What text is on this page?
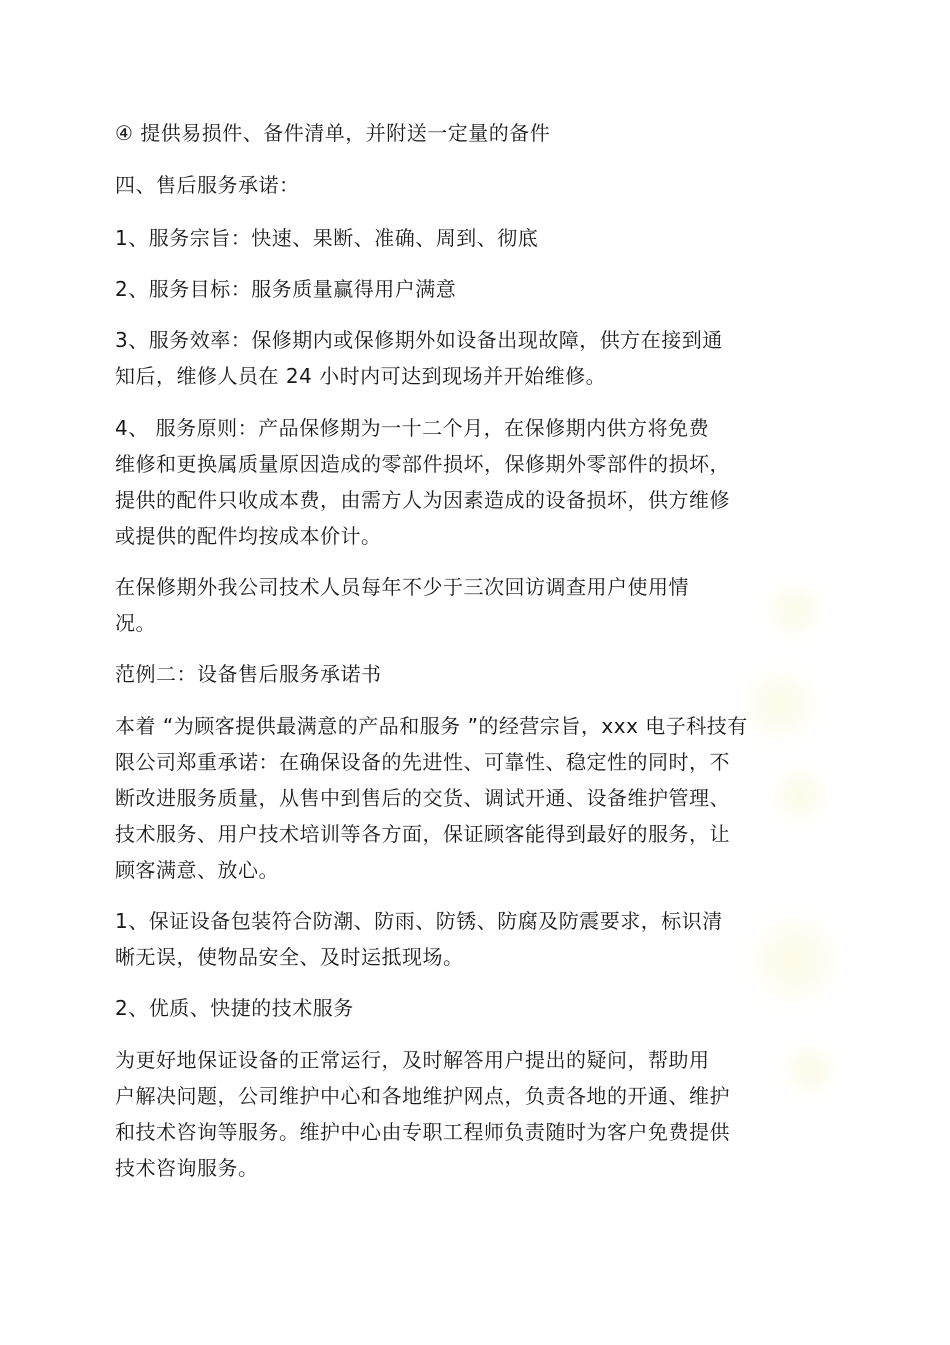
④ 提供易损件、备件清单，并附送一定量的备件
四、售后服务承诺：
1、服务宗旨：快速、果断、准确、周到、彻底
2、服务目标：服务质量赢得用户满意
3、服务效率：保修期内或保修期外如设备出现故障，供方在接到通
知后，维修人员在 24 小时内可达到现场并开始维修。
4、 服务原则：产品保修期为一十二个月，在保修期内供方将免费
维修和更换属质量原因造成的零部件损坏，保修期外零部件的损坏，
提供的配件只收成本费，由需方人为因素造成的设备损坏，供方维修
或提供的配件均按成本价计。
在保修期外我公司技术人员每年不少于三次回访调查用户使用情
况。
范例二：设备售后服务承诺书
本着 “为顾客提供最满意的产品和服务 ”的经营宗旨，xxx 电子科技有
限公司郑重承诺：在确保设备的先进性、可靠性、稳定性的同时，不
断改进服务质量，从售中到售后的交货、调试开通、设备维护管理、
技术服务、用户技术培训等各方面，保证顾客能得到最好的服务，让
顾客满意、放心。
1、保证设备包装符合防潮、防雨、防锈、防腐及防震要求，标识清
晰无误，使物品安全、及时运抵现场。
2、优质、快捷的技术服务
为更好地保证设备的正常运行，及时解答用户提出的疑问，帮助用
户解决问题，公司维护中心和各地维护网点，负责各地的开通、维护
和技术咨询等服务。维护中心由专职工程师负责随时为客户免费提供
技术咨询服务。
